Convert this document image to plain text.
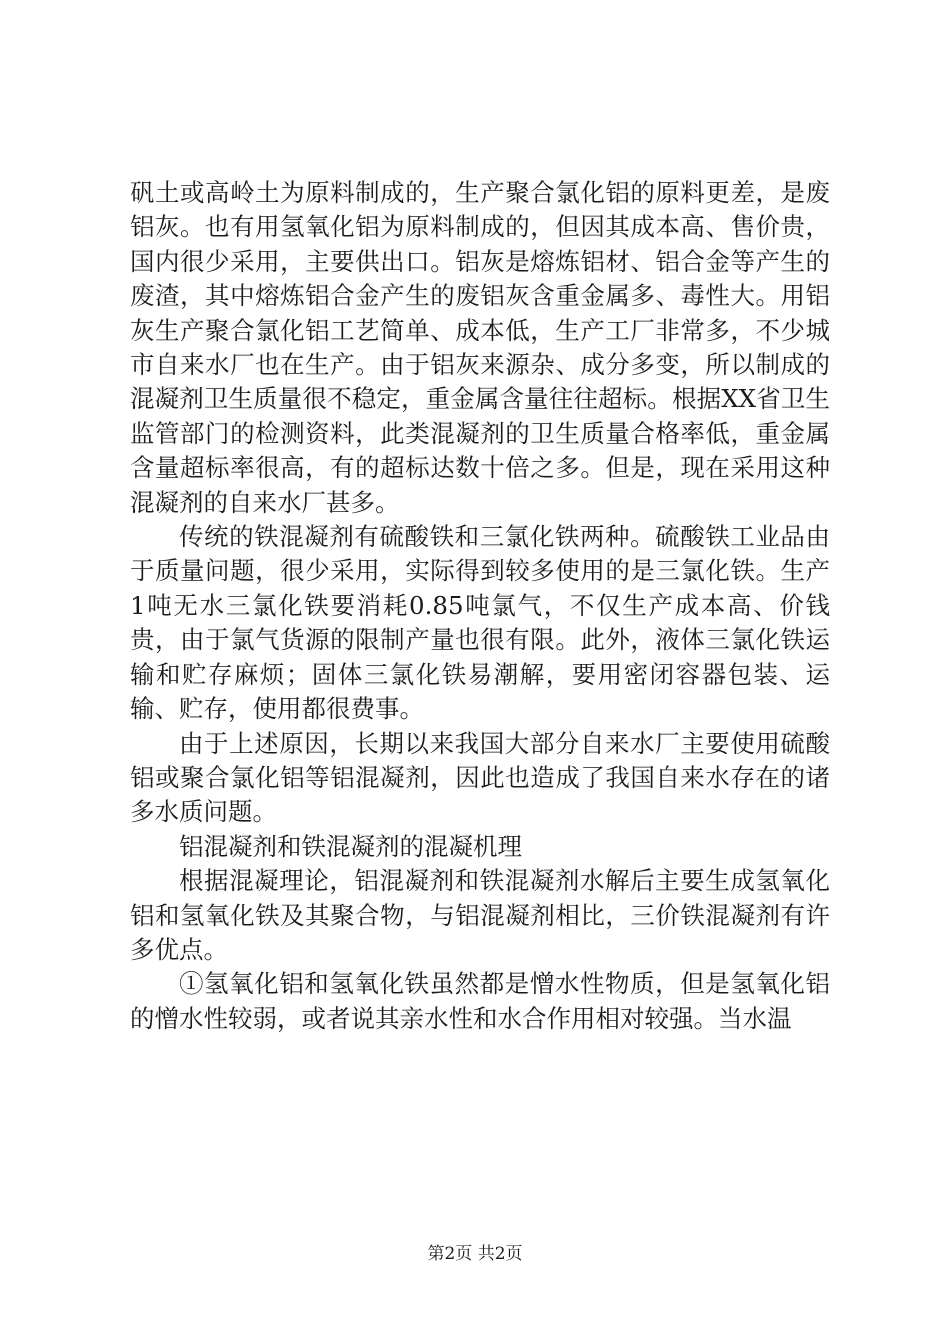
矾土或高岭土为原料制成的，生产聚合氯化铝的原料更差，是废铝灰。也有用氢氧化铝为原料制成的，但因其成本高、售价贵，国内很少采用，主要供出口。铝灰是熔炼铝材、铝合金等产生的废渣，其中熔炼铝合金产生的废铝灰含重金属多、毒性大。用铝灰生产聚合氯化铝工艺简单、成本低，生产工厂非常多，不少城市自来水厂也在生产。由于铝灰来源杂、成分多变，所以制成的混凝剂卫生质量很不稳定，重金属含量往往超标。根据XX省卫生监管部门的检测资料，此类混凝剂的卫生质量合格率低，重金属含量超标率很高，有的超标达数十倍之多。但是，现在采用这种混凝剂的自来水厂甚多。

传统的铁混凝剂有硫酸铁和三氯化铁两种。硫酸铁工业品由于质量问题，很少采用，实际得到较多使用的是三氯化铁。生产1吨无水三氯化铁要消耗0.85吨氯气，不仅生产成本高、价钱贵，由于氯气货源的限制产量也很有限。此外，液体三氯化铁运输和贮存麻烦；固体三氯化铁易潮解，要用密闭容器包装、运输、贮存，使用都很费事。

由于上述原因，长期以来我国大部分自来水厂主要使用硫酸铝或聚合氯化铝等铝混凝剂，因此也造成了我国自来水存在的诸多水质问题。

铝混凝剂和铁混凝剂的混凝机理

根据混凝理论，铝混凝剂和铁混凝剂水解后主要生成氢氧化铝和氢氧化铁及其聚合物，与铝混凝剂相比，三价铁混凝剂有许多优点。

①氢氧化铝和氢氧化铁虽然都是憎水性物质，但是氢氧化铝的憎水性较弱，或者说其亲水性和水合作用相对较强。当水温

第2页 共2页
